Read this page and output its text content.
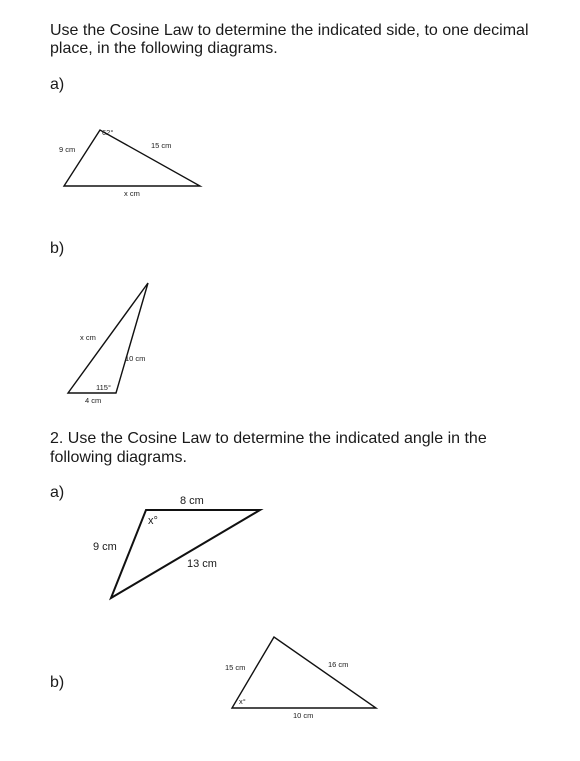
Use the Cosine Law to determine the indicated side, to one decimal

place, in the following diagrams.

a)

b)

2. Use the Cosine Law to determine the indicated angle in the

following diagrams.

a)

b)

62°
9 cm	15 cm
x cm
x cm
10 cm
115°
4 cm
8 cm
x°
9 cm
13 cm
15 cm	16 cm
x°
10 cm
